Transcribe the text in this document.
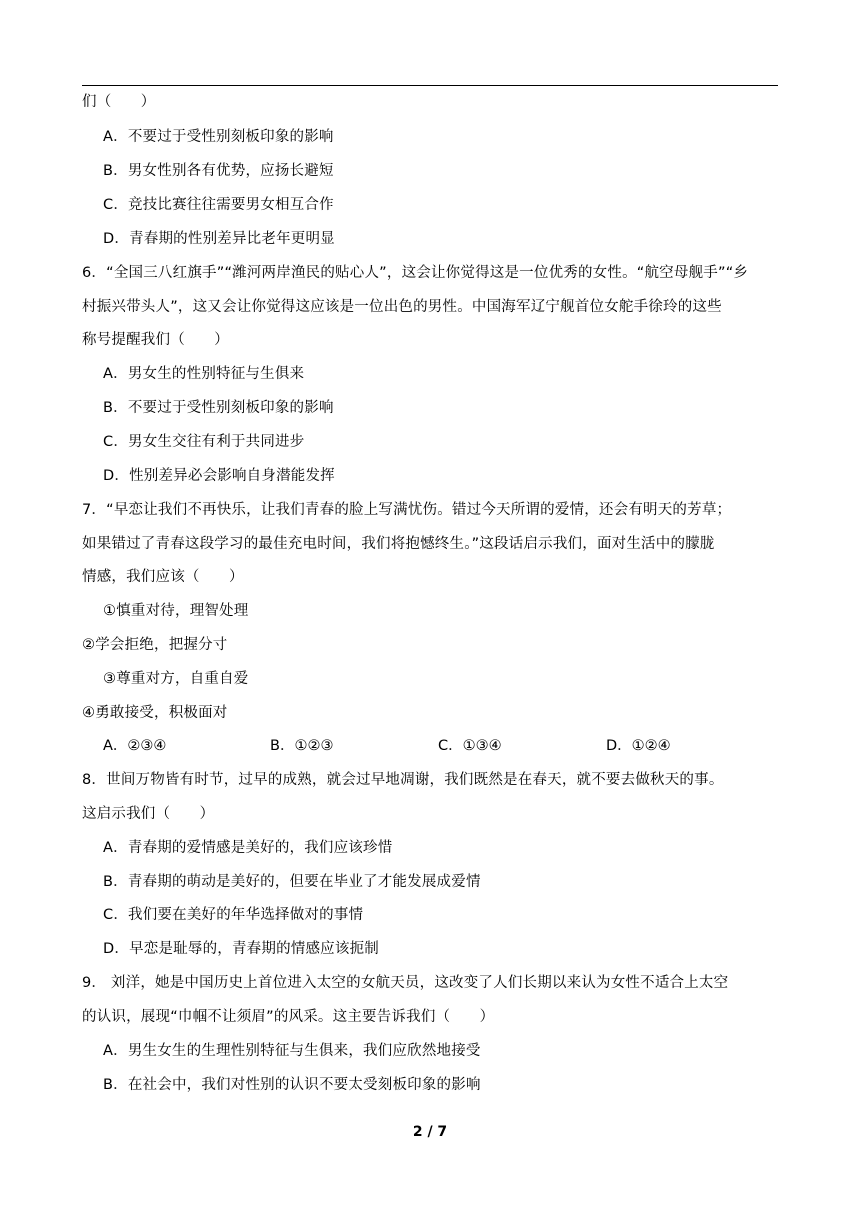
们（　　）
A．不要过于受性别刻板印象的影响
B．男女性别各有优势，应扬长避短
C．竞技比赛往往需要男女相互合作
D．青春期的性别差异比老年更明显
6．“全国三八红旗手”“潍河两岸渔民的贴心人”，这会让你觉得这是一位优秀的女性。“航空母舰手”“乡
村振兴带头人”，这又会让你觉得这应该是一位出色的男性。中国海军辽宁舰首位女舵手徐玲的这些
称号提醒我们（　　）
A．男女生的性别特征与生俱来
B．不要过于受性别刻板印象的影响
C．男女生交往有利于共同进步
D．性别差异必会影响自身潜能发挥
7．“早恋让我们不再快乐，让我们青春的脸上写满忧伤。错过今天所谓的爱情，还会有明天的芳草；
如果错过了青春这段学习的最佳充电时间，我们将抱憾终生。”这段话启示我们，面对生活中的朦胧
情感，我们应该（　　）
①慎重对待，理智处理
②学会拒绝，把握分寸
③尊重对方，自重自爱
④勇敢接受，积极面对
A．②③④	B．①②③	C．①③④	D．①②④
8．世间万物皆有时节，过早的成熟，就会过早地凋谢，我们既然是在春天，就不要去做秋天的事。
这启示我们（　　）
A．青春期的爱情感是美好的，我们应该珍惜
B．青春期的萌动是美好的，但要在毕业了才能发展成爱情
C．我们要在美好的年华选择做对的事情
D．早恋是耻辱的，青春期的情感应该扼制
9． 刘洋，她是中国历史上首位进入太空的女航天员，这改变了人们长期以来认为女性不适合上太空
的认识，展现“巾帼不让须眉”的风采。这主要告诉我们（　　）
A．男生女生的生理性别特征与生俱来，我们应欣然地接受
B．在社会中，我们对性别的认识不要太受刻板印象的影响
2 / 7
